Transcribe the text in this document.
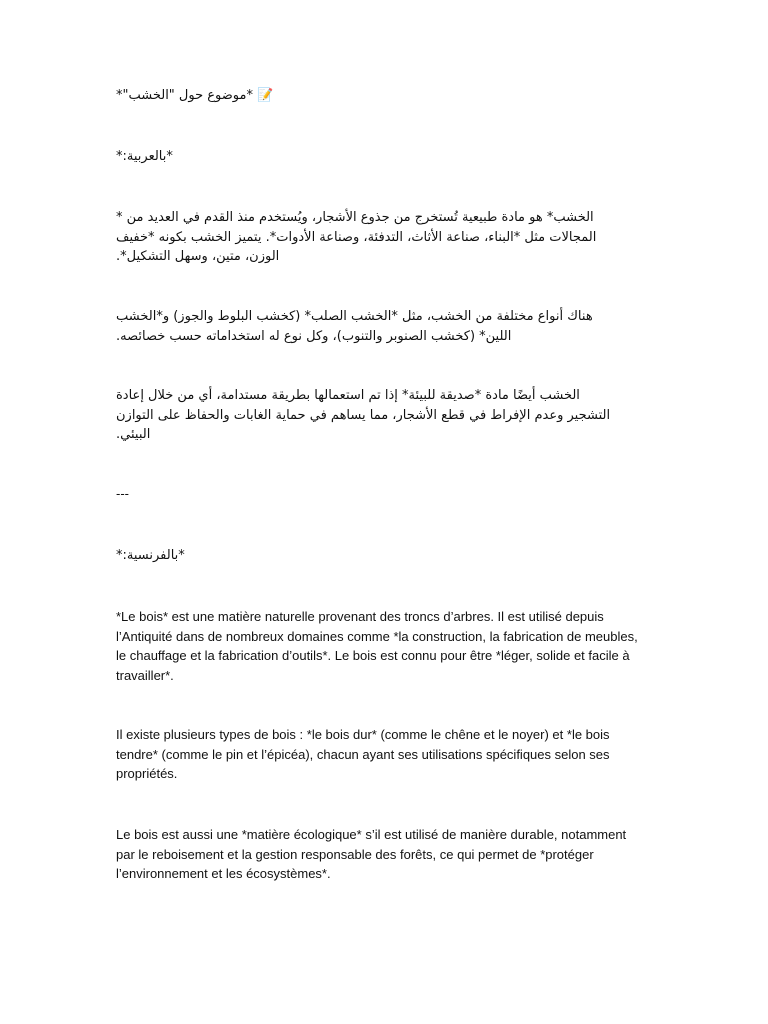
📝 *موضوع حول "الخشب"*
*بالعربية:*
الخشب* هو مادة طبيعية تُستخرج من جذوع الأشجار، ويُستخدم منذ القدم في العديد من *
المجالات مثل *البناء، صناعة الأثاث، التدفئة، وصناعة الأدوات*. يتميز الخشب بكونه *خفيف
الوزن، متين، وسهل التشكيل*.
هناك أنواع مختلفة من الخشب، مثل *الخشب الصلب* (كخشب البلوط والجوز) و*الخشب
اللين* (كخشب الصنوبر والتنوب)، وكل نوع له استخداماته حسب خصائصه.
الخشب أيضًا مادة *صديقة للبيئة* إذا تم استعمالها بطريقة مستدامة، أي من خلال إعادة
التشجير وعدم الإفراط في قطع الأشجار، مما يساهم في حماية الغابات والحفاظ على التوازن
البيئي.
---
*بالفرنسية:*
*Le bois* est une matière naturelle provenant des troncs d’arbres. Il est utilisé depuis
l’Antiquité dans de nombreux domaines comme *la construction, la fabrication de meubles,
le chauffage et la fabrication d’outils*. Le bois est connu pour être *léger, solide et facile à
travailler*.
Il existe plusieurs types de bois : *le bois dur* (comme le chêne et le noyer) et *le bois
tendre* (comme le pin et l’épicéa), chacun ayant ses utilisations spécifiques selon ses
propriétés.
Le bois est aussi une *matière écologique* s’il est utilisé de manière durable, notamment
par le reboisement et la gestion responsable des forêts, ce qui permet de *protéger
l’environnement et les écosystèmes*.
